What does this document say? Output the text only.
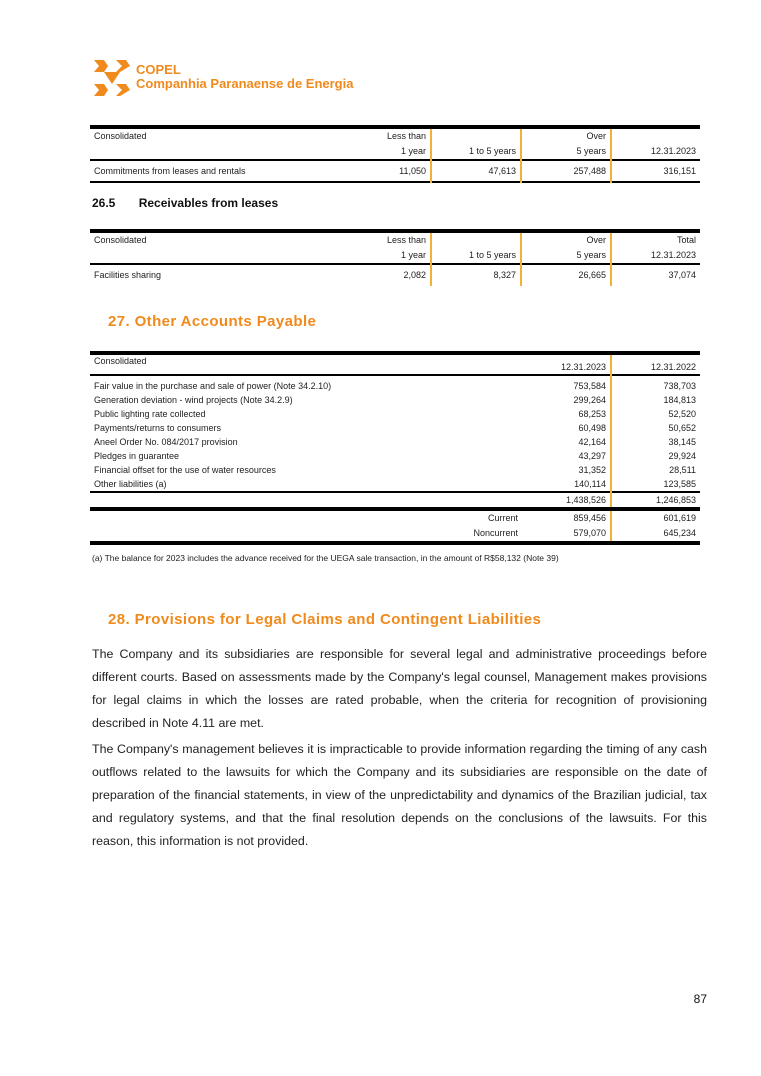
COPEL
Companhia Paranaense de Energia
Consolidated	Less than		Over	
	1 year	1 to 5 years	5 years	12.31.2023
Commitments from leases and rentals	11,050	47,613	257,488	316,151
26.5 Receivables from leases
Consolidated	Less than		Over	Total
	1 year	1 to 5 years	5 years	12.31.2023
Facilities sharing	2,082	8,327	26,665	37,074
27. Other Accounts Payable
Consolidated		12.31.2023	12.31.2022
Fair value in the purchase and sale of power (Note 34.2.10)		753,584	738,703
Generation deviation - wind projects (Note 34.2.9)		299,264	184,813
Public lighting rate collected		68,253	52,520
Payments/returns to consumers		60,498	50,652
Aneel Order No. 084/2017 provision		42,164	38,145
Pledges in guarantee		43,297	29,924
Financial offset for the use of water resources		31,352	28,511
Other liabilities (a)		140,114	123,585
		1,438,526	1,246,853
	Current	859,456	601,619
	Noncurrent	579,070	645,234
(a) The balance for 2023 includes the advance received for the UEGA sale transaction, in the amount of R$58,132 (Note 39)
28. Provisions for Legal Claims and Contingent Liabilities

The Company and its subsidiaries are responsible for several legal and administrative proceedings before different courts. Based on assessments made by the Company's legal counsel, Management makes provisions for legal claims in which the losses are rated probable, when the criteria for recognition of provisioning described in Note 4.11 are met.

The Company's management believes it is impracticable to provide information regarding the timing of any cash outflows related to the lawsuits for which the Company and its subsidiaries are responsible on the date of preparation of the financial statements, in view of the unpredictability and dynamics of the Brazilian judicial, tax and regulatory systems, and that the final resolution depends on the conclusions of the lawsuits. For this reason, this information is not provided.

87
